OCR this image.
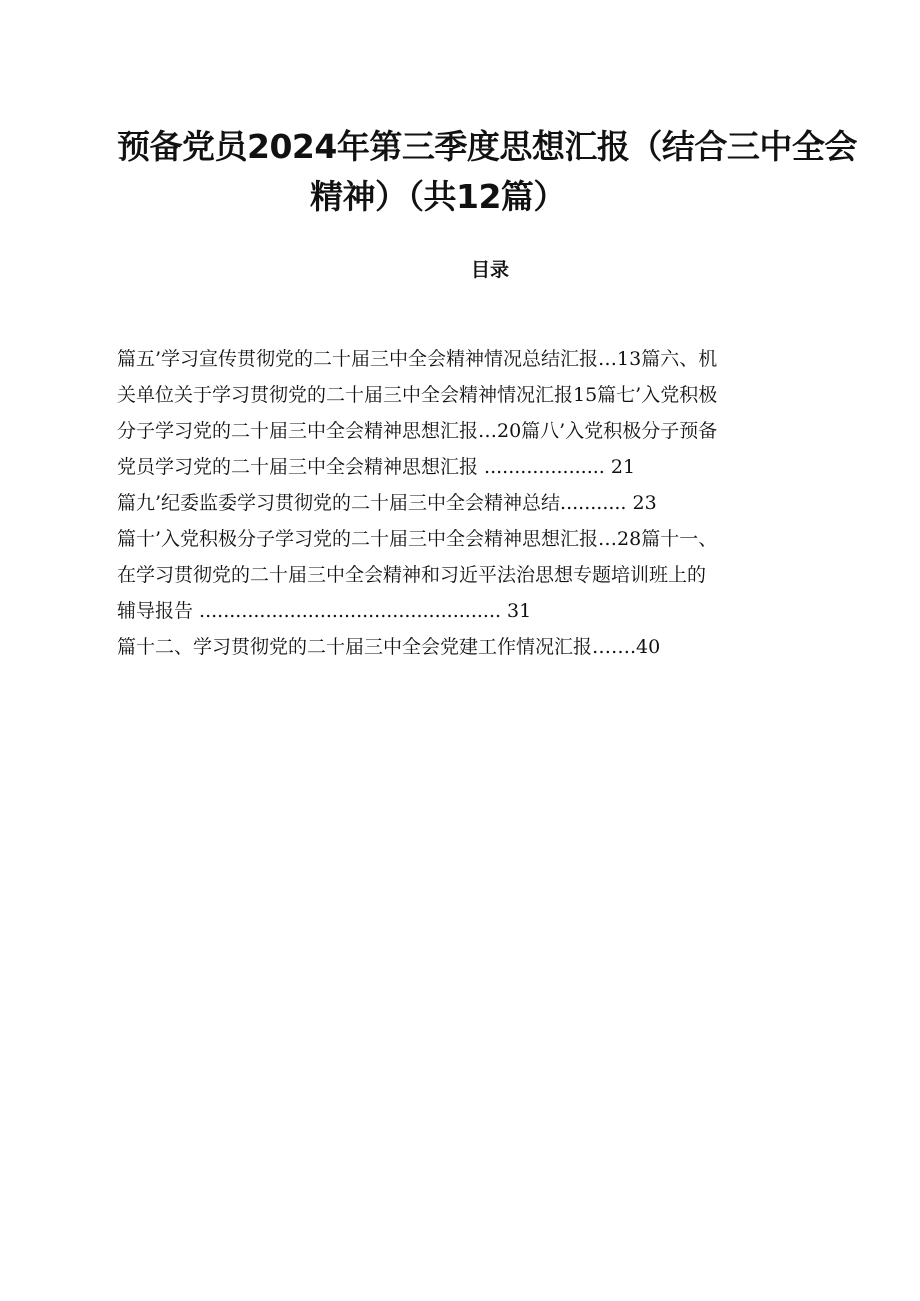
预备党员2024年第三季度思想汇报（结合三中全会
精神）（共12篇）
目录
篇五’学习宣传贯彻党的二十届三中全会精神情况总结汇报…13篇六、机
关单位关于学习贯彻党的二十届三中全会精神情况汇报15篇七’入党积极
分子学习党的二十届三中全会精神思想汇报…20篇八’入党积极分子预备
党员学习党的二十届三中全会精神思想汇报 .................... 21
篇九’纪委监委学习贯彻党的二十届三中全会精神总结........... 23
篇十’入党积极分子学习党的二十届三中全会精神思想汇报…28篇十一、
在学习贯彻党的二十届三中全会精神和习近平法治思想专题培训班上的
辅导报告 .................................................. 31
篇十二、学习贯彻党的二十届三中全会党建工作情况汇报…….40
